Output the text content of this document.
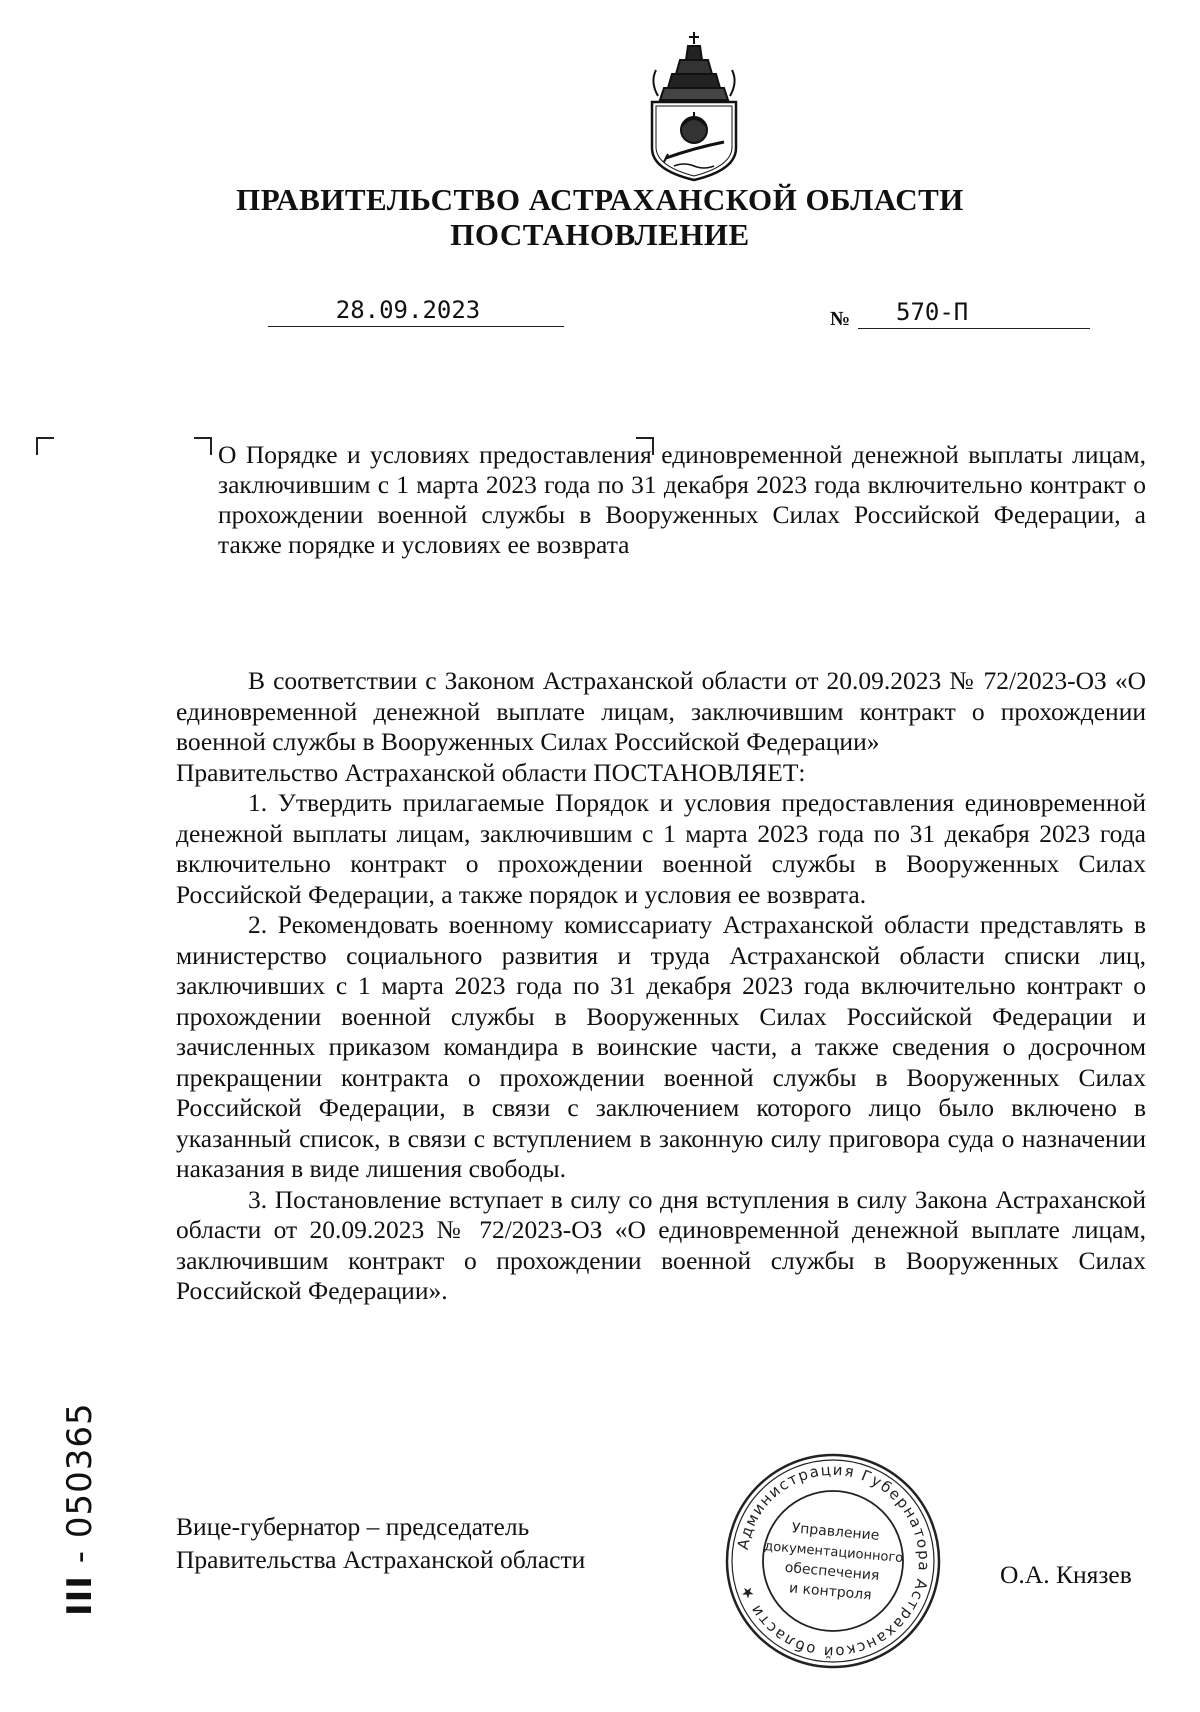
ПРАВИТЕЛЬСТВО АСТРАХАНСКОЙ ОБЛАСТИ
ПОСТАНОВЛЕНИЕ
28.09.2023	№	570-П
О Порядке и условиях предоставления единовременной денежной выплаты лицам, заключившим с 1 марта 2023 года по 31 декабря 2023 года включительно контракт о прохождении военной службы в Вооруженных Силах Российской Федерации, а также порядке и условиях ее возврата

В соответствии с Законом Астраханской области от 20.09.2023 № 72/2023-ОЗ «О единовременной денежной выплате лицам, заключившим контракт о прохождении военной службы в Вооруженных Силах Российской Федерации»

Правительство Астраханской области ПОСТАНОВЛЯЕТ:

1. Утвердить прилагаемые Порядок и условия предоставления единовременной денежной выплаты лицам, заключившим с 1 марта 2023 года по 31 декабря 2023 года включительно контракт о прохождении военной службы в Вооруженных Силах Российской Федерации, а также порядок и условия ее возврата.

2. Рекомендовать военному комиссариату Астраханской области представлять в министерство социального развития и труда Астраханской области списки лиц, заключивших с 1 марта 2023 года по 31 декабря 2023 года включительно контракт о прохождении военной службы в Вооруженных Силах Российской Федерации и зачисленных приказом командира в воинские части, а также сведения о досрочном прекращении контракта о прохождении военной службы в Вооруженных Силах Российской Федерации, в связи с заключением которого лицо было включено в указанный список, в связи с вступлением в законную силу приговора суда о назначении наказания в виде лишения свободы.

3. Постановление вступает в силу со дня вступления в силу Закона Астраханской области от 20.09.2023 № 72/2023-ОЗ «О единовременной денежной выплате лицам, заключившим контракт о прохождении военной службы в Вооруженных Силах Российской Федерации».

Вице-губернатор – председатель
Правительства Астраханской области
Администрация Губернатора Астраханской области ★
Управление
документационного
обеспечения
и контроля
О.А. Князев
ІІІ - 050365
